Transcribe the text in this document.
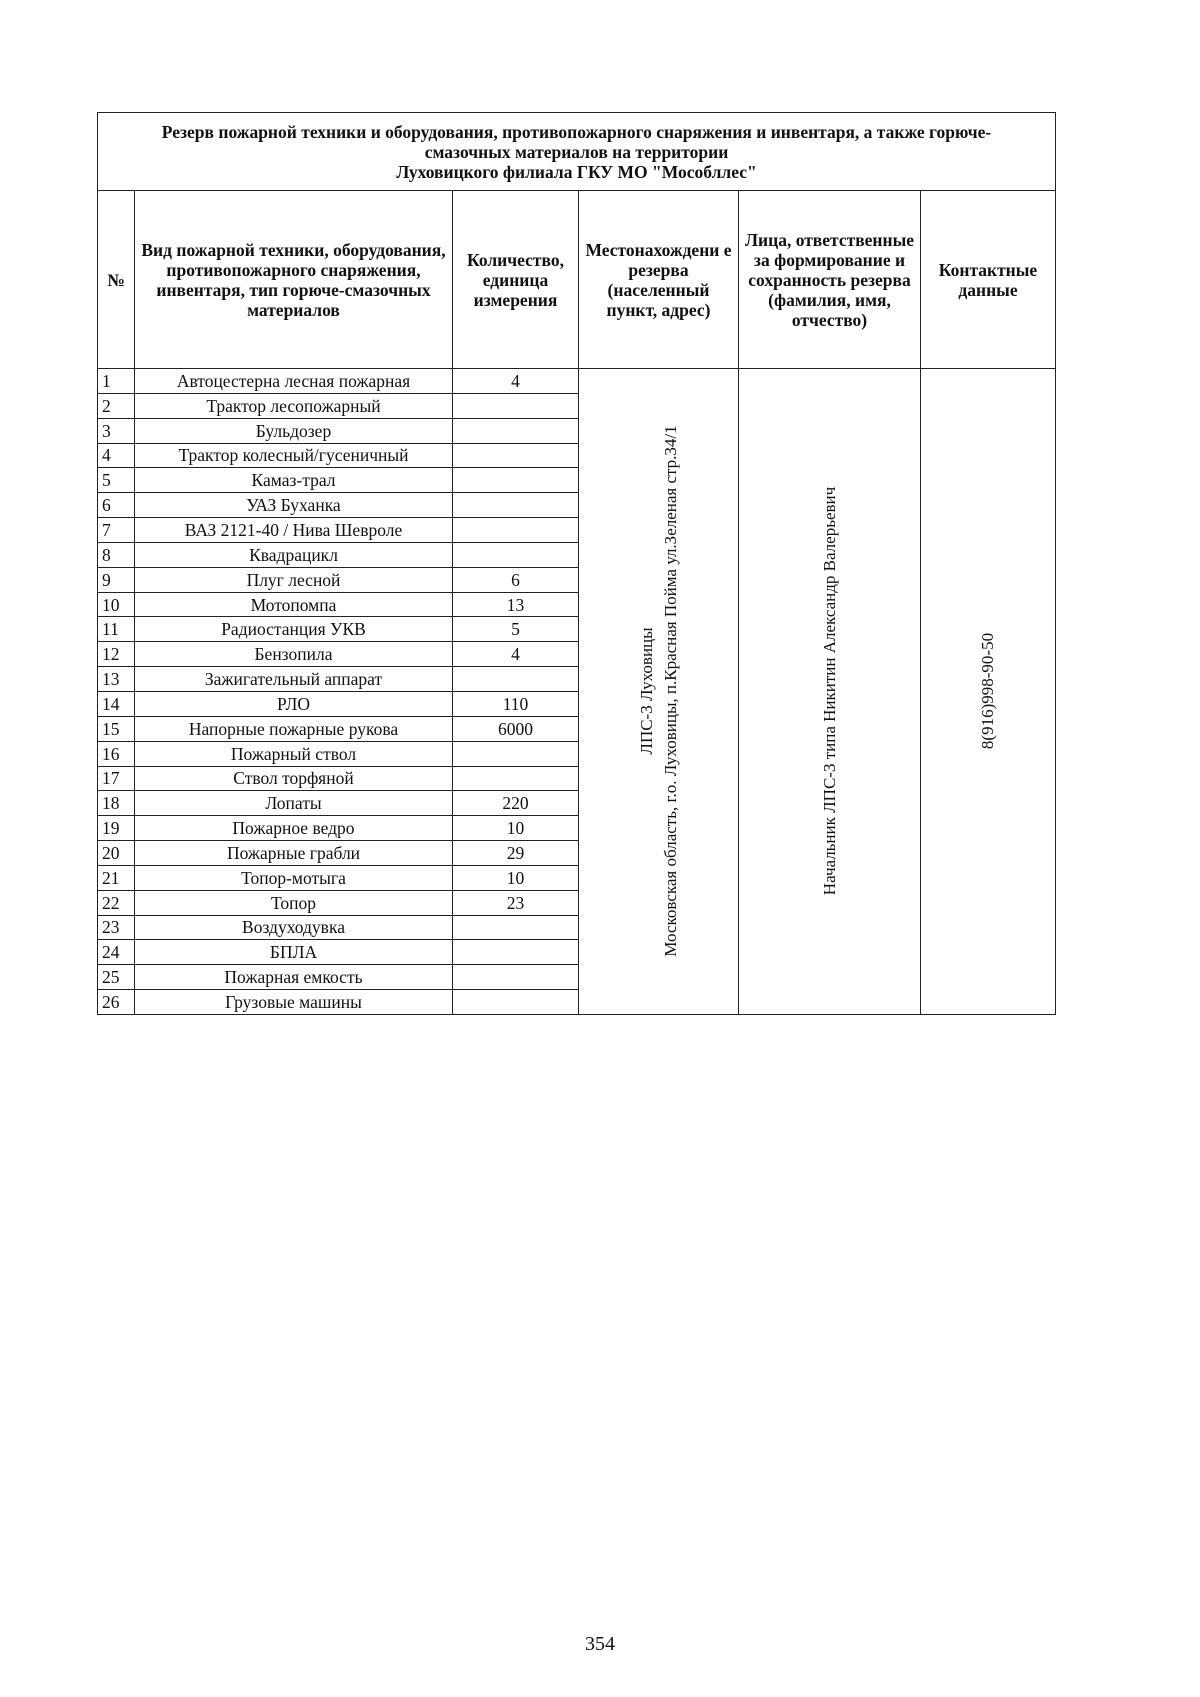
Резерв пожарной техники и оборудования, противопожарного снаряжения и инвентаря, а также горюче-
смазочных материалов на территории
Луховицкого филиала ГКУ МО "Мособллес"					

№	Вид пожарной техники, оборудования, противопожарного снаряжения, инвентаря, тип горюче-смазочных материалов	Количество, единица измерения	Местонахождени е резерва (населенный пункт, адрес)	Лица, ответственные за формирование и сохранность резерва (фамилия, имя, отчество)	Контактные данные
1	Автоцестерна лесная пожарная	4	ЛПС-3 Луховицы Московская область, г.о. Луховицы, п.Красная Пойма ул.Зеленая стр.34/1	Начальник ЛПС-3 типа Никитин Александр Валерьевич	8(916)998-90-50

2	Трактор лесопожарный				
3	Бульдозер				
4	Трактор колесный/гусеничный				
5	Камаз-трал				
6	УАЗ Буханка				
7	ВАЗ 2121-40 / Нива Шевроле				
8	Квадрацикл				
9	Плуг лесной	6			
10	Мотопомпа	13			
11	Радиостанция УКВ	5			
12	Бензопила	4			
13	Зажигательный аппарат				
14	РЛО	110			
15	Напорные пожарные рукова	6000			
16	Пожарный ствол				
17	Ствол торфяной				
18	Лопаты	220			
19	Пожарное ведро	10			
20	Пожарные грабли	29			
21	Топор-мотыга	10			
22	Топор	23			
23	Воздуходувка				
24	БПЛА				
25	Пожарная емкость				
26	Грузовые машины				
354
